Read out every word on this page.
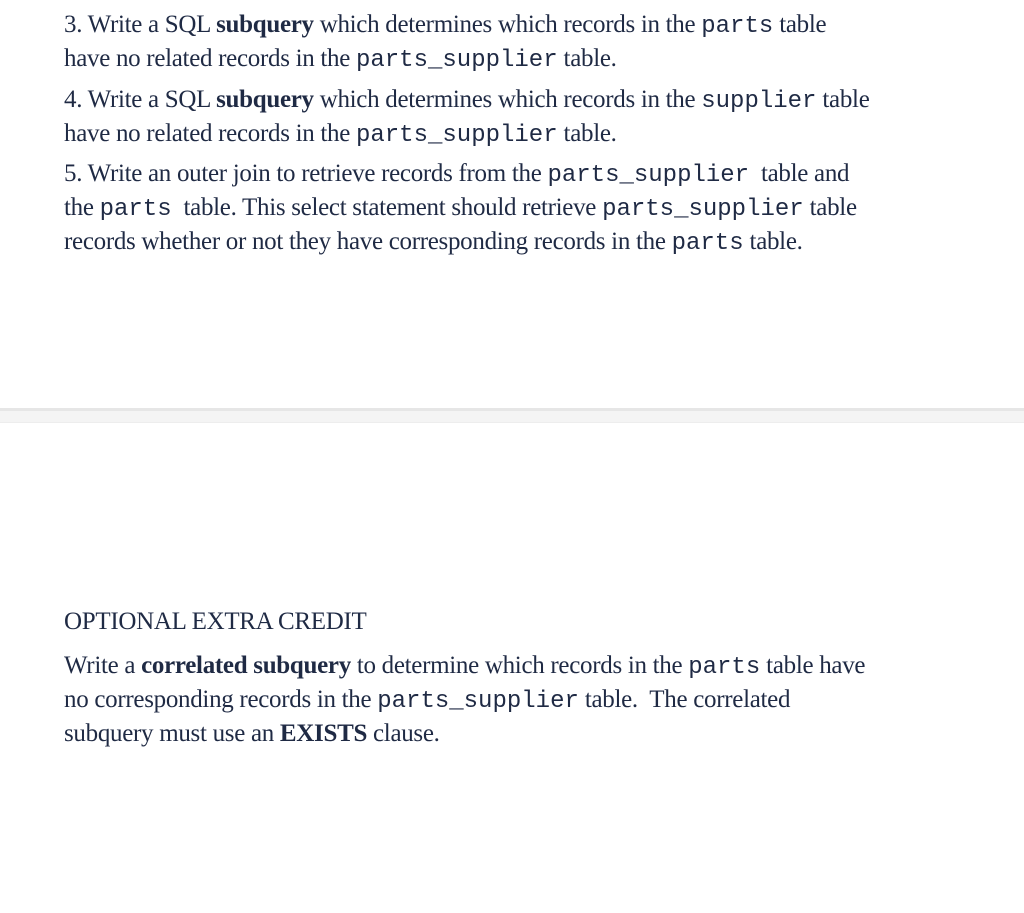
3. Write a SQL subquery which determines which records in the parts table
have no related records in the parts_supplier table.

4. Write a SQL subquery which determines which records in the supplier table
have no related records in the parts_supplier table.

5. Write an outer join to retrieve records from the parts_supplier  table and
the parts  table. This select statement should retrieve parts_supplier table
records whether or not they have corresponding records in the parts table.

OPTIONAL EXTRA CREDIT

Write a correlated subquery to determine which records in the parts table have
no corresponding records in the parts_supplier table.  The correlated
subquery must use an EXISTS clause.
